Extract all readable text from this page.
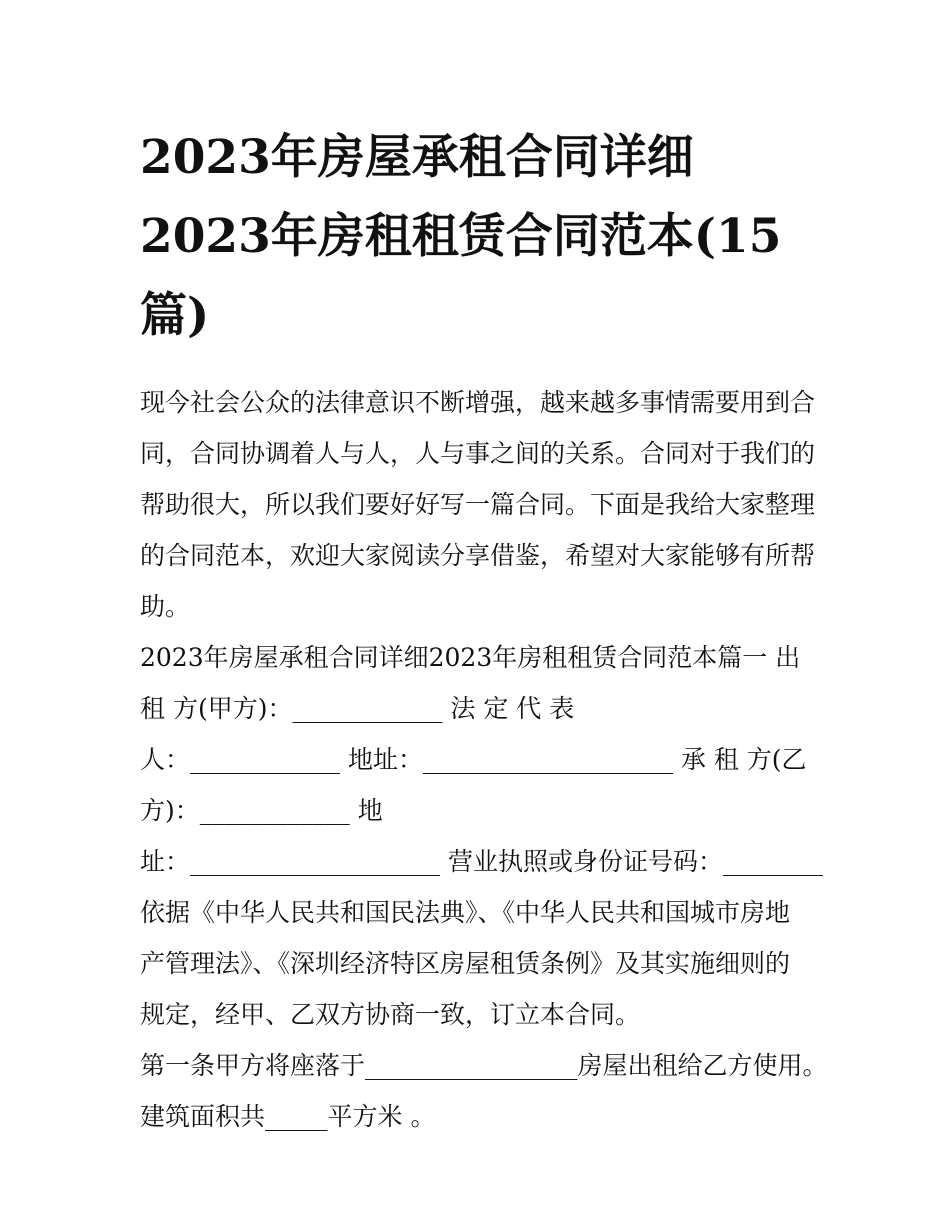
2023年房屋承租合同详细
2023年房租租赁合同范本(15
篇)

现今社会公众的法律意识不断增强，越来越多事情需要用到合
同，合同协调着人与人，人与事之间的关系。合同对于我们的
帮助很大，所以我们要好好写一篇合同。下面是我给大家整理
的合同范本，欢迎大家阅读分享借鉴，希望对大家能够有所帮
助。

2023年房屋承租合同详细2023年房租租赁合同范本篇一 出
租 方(甲方)：____________ 法 定 代 表
人：____________ 地址：____________________ 承 租 方(乙
方)：____________ 地
址：____________________ 营业执照或身份证号码：________
依据《中华人民共和国民法典》、《中华人民共和国城市房地
产管理法》、《深圳经济特区房屋租赁条例》及其实施细则的
规定，经甲、乙双方协商一致，订立本合同。

第一条甲方将座落于_________________房屋出租给乙方使用。
建筑面积共_____平方米 。
